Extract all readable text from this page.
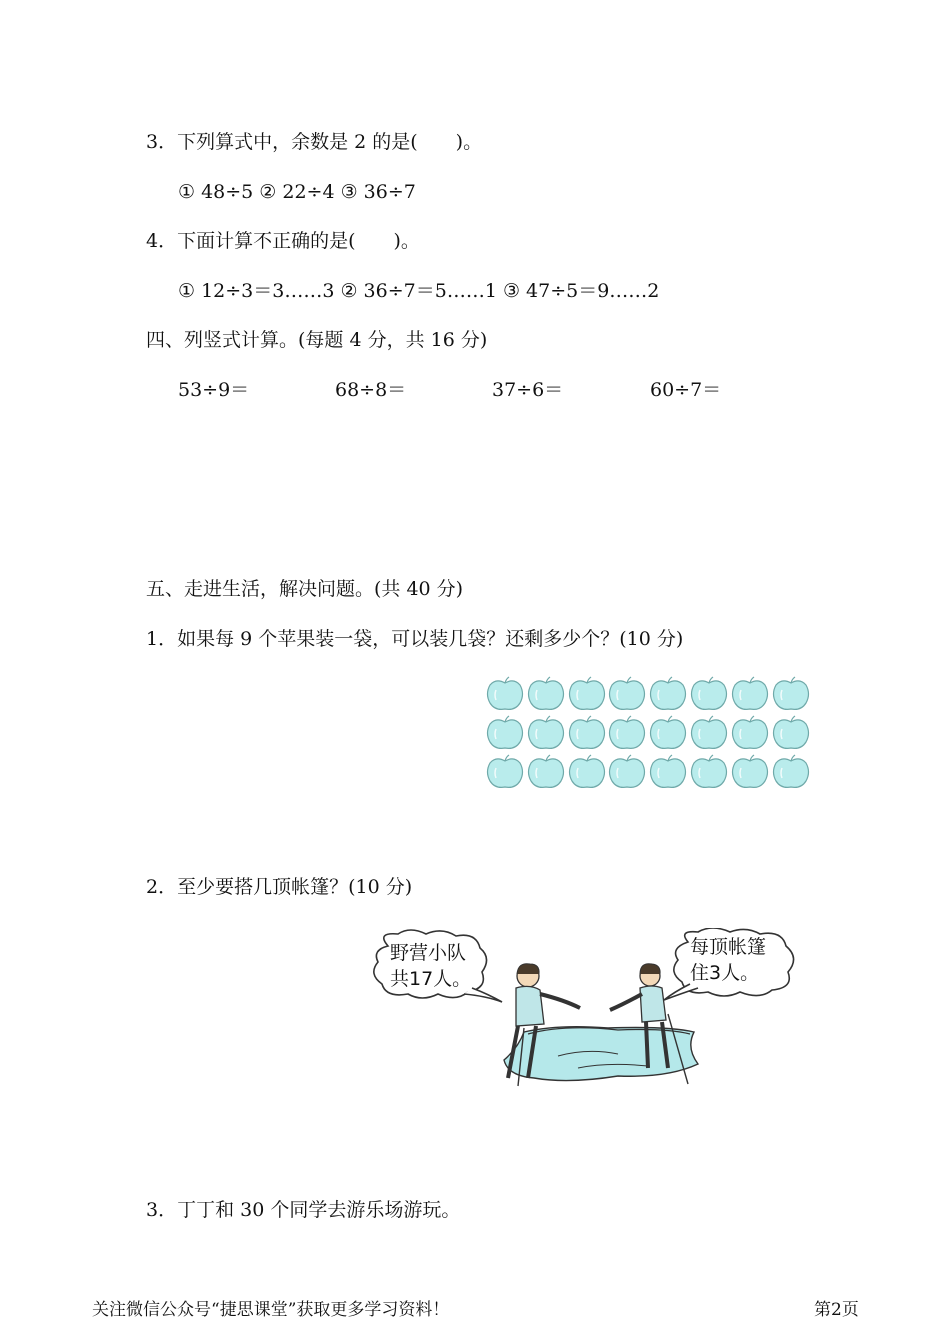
3．下列算式中，余数是 2 的是(　　)。
① 48÷5 ② 22÷4 ③ 36÷7
4．下面计算不正确的是(　　)。
① 12÷3＝3……3 ② 36÷7＝5……1 ③ 47÷5＝9……2
四、列竖式计算。(每题 4 分，共 16 分)
53÷9＝	68÷8＝	37÷6＝	60÷7＝
五、走进生活，解决问题。(共 40 分)
1．如果每 9 个苹果装一袋，可以装几袋？还剩多少个？(10 分)
2．至少要搭几顶帐篷？(10 分)
野营小队
共17人。
每顶帐篷
住3人。
3．丁丁和 30 个同学去游乐场游玩。
关注微信公众号“捷思课堂”获取更多学习资料！	第2页
